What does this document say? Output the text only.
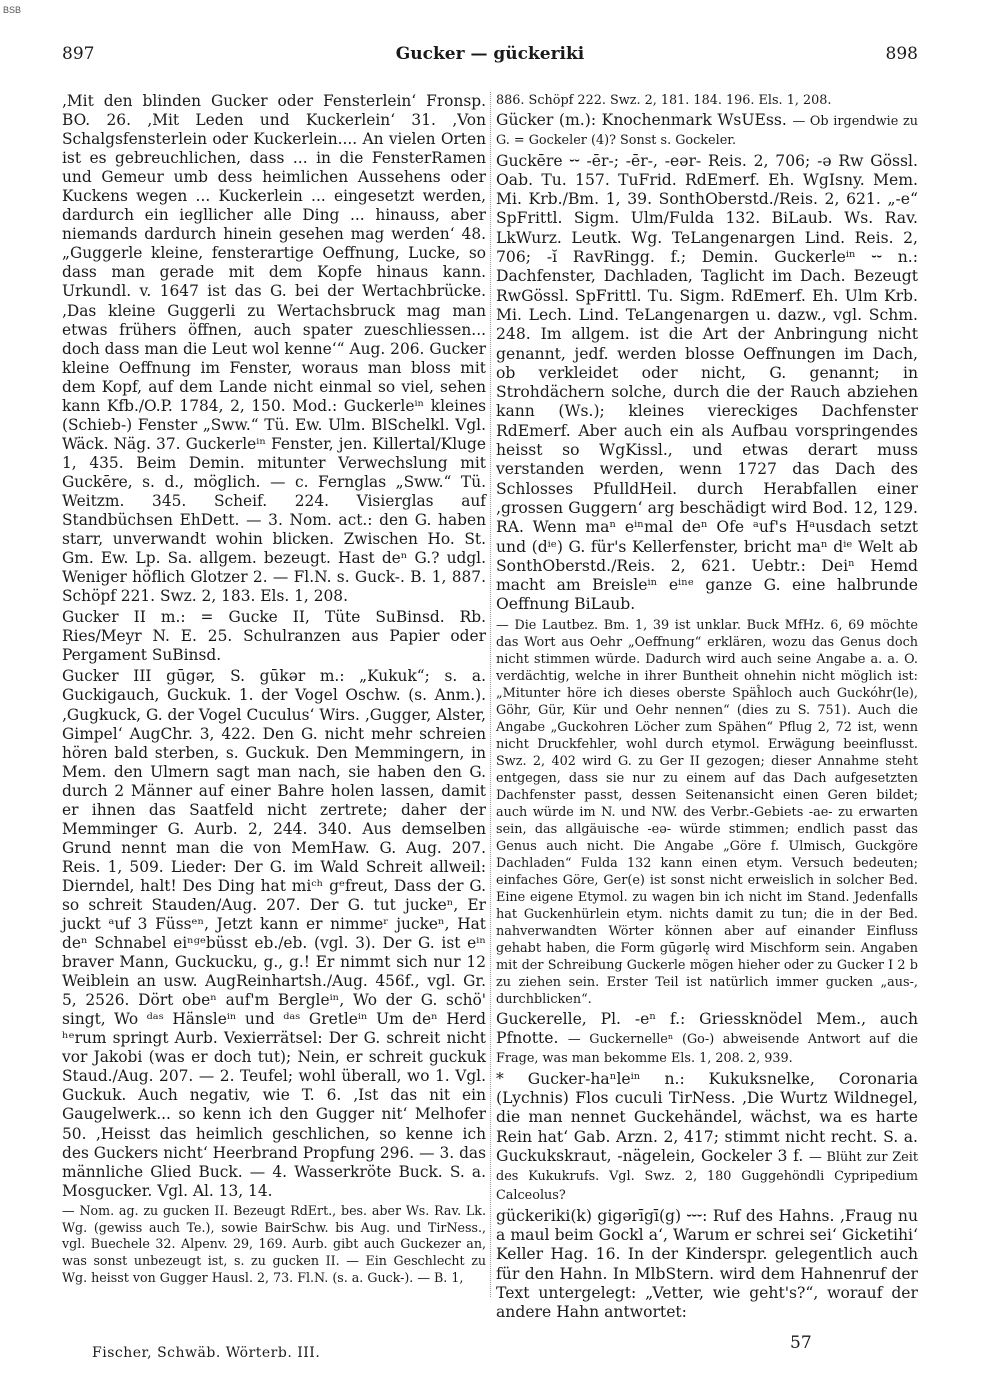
BSB
897	Gucker — gückeriki	898

‚Mit den blinden Gucker oder Fensterlein‘ Fronsp. BO. 26. ‚Mit Leden und Kuckerlein‘ 31. ‚Von Schalgsfensterlein oder Kuckerlein.... An vielen Orten ist es gebreuchlichen, dass ... in die FensterRamen und Gemeur umb dess heimlichen Aussehens oder Kuckens wegen ... Kuckerlein ... eingesetzt werden, dardurch ein iegllicher alle Ding ... hinauss, aber niemands dardurch hinein gesehen mag werden‘ 48. „Guggerle kleine, fensterartige Oeffnung, Lucke, so dass man gerade mit dem Kopfe hinaus kann. Urkundl. v. 1647 ist das G. bei der Wertachbrücke. ‚Das kleine Guggerli zu Wertachsbruck mag man etwas frühers öffnen, auch spater zueschliessen... doch dass man die Leut wol kenne‘“ Aug. 206. Gucker kleine Oeffnung im Fenster, woraus man bloss mit dem Kopf, auf dem Lande nicht einmal so viel, sehen kann Kfb./O.P. 1784, 2, 150. Mod.: Guckerleⁱⁿ kleines (Schieb-) Fenster „Sww.“ Tü. Ew. Ulm. BlSchelkl. Vgl. Wäck. Näg. 37. Guckerleⁱⁿ Fenster, jen. Killertal/Kluge 1, 435. Beim Demin. mitunter Verwechslung mit Guckēre, s. d., möglich. — c. Fernglas „Sww.“ Tü. Weitzm. 345. Scheif. 224. Visierglas auf Standbüchsen EhDett. — 3. Nom. act.: den G. haben starr, unverwandt wohin blicken. Zwischen Ho. St. Gm. Ew. Lp. Sa. allgem. bezeugt. Hast deⁿ G.? udgl. Weniger höflich Glotzer 2. — Fl.N. s. Guck-. B. 1, 887. Schöpf 221. Swz. 2, 183. Els. 1, 208.

Gucker II m.: = Gucke II, Tüte SuBinsd. Rb. Ries/Meyr N. E. 25. Schulranzen aus Papier oder Pergament SuBinsd.

Gucker III gūgər, S. gūkər m.: „Kukuk“; s. a. Guckigauch, Guckuk. 1. der Vogel Oschw. (s. Anm.). ‚Gugkuck, G. der Vogel Cuculus‘ Wirs. ‚Gugger, Alster, Gimpel‘ AugChr. 3, 422. Den G. nicht mehr schreien hören bald sterben, s. Guckuk. Den Memmingern, in Mem. den Ulmern sagt man nach, sie haben den G. durch 2 Männer auf einer Bahre holen lassen, damit er ihnen das Saatfeld nicht zertrete; daher der Memminger G. Aurb. 2, 244. 340. Aus demselben Grund nennt man die von MemHaw. G. Aug. 207. Reis. 1, 509. Lieder: Der G. im Wald Schreit allweil: Dierndel, halt! Des Ding hat miᶜʰ gᵉfreut, Dass der G. so schreit Stauden/Aug. 207. Der G. tut juckeⁿ, Er juckt ᵃuf 3 Füssᵉⁿ, Jetzt kann er nimmeʳ juckeⁿ, Hat deⁿ Schnabel eiⁿᵍᵉbüsst eb./eb. (vgl. 3). Der G. ist eⁱⁿ braver Mann, Guckucku, g., g.! Er nimmt sich nur 12 Weiblein an usw. AugReinhartsh./Aug. 456f., vgl. Gr. 5, 2526. Dört obeⁿ auf'm Bergleⁱⁿ, Wo der G. schö' singt, Wo ᵈᵃˢ Hänsleⁱⁿ und ᵈᵃˢ Gretleⁱⁿ Um deⁿ Herd ʰᵉrum springt Aurb. Vexierrätsel: Der G. schreit nicht vor Jakobi (was er doch tut); Nein, er schreit guckuk Staud./Aug. 207. — 2. Teufel; wohl überall, wo 1. Vgl. Guckuk. Auch negativ, wie T. 6. ‚Ist das nit ein Gaugelwerk... so kenn ich den Gugger nit‘ Melhofer 50. ‚Heisst das heimlich geschlichen, so kenne ich des Guckers nicht‘ Heerbrand Propfung 296. — 3. das männliche Glied Buck. — 4. Wasserkröte Buck. S. a. Mosgucker. Vgl. Al. 13, 14.

— Nom. ag. zu gucken II. Bezeugt RdErt., bes. aber Ws. Rav. Lk. Wg. (gewiss auch Te.), sowie BairSchw. bis Aug. und TirNess., vgl. Buechele 32. Alpenv. 29, 169. Aurb. gibt auch Guckezer an, was sonst unbezeugt ist, s. zu gucken II. — Ein Geschlecht zu Wg. heisst von Gugger Hausl. 2, 73. Fl.N. (s. a. Guck-). — B. 1,

886. Schöpf 222. Swz. 2, 181. 184. 196. Els. 1, 208.

Gücker (m.): Knochenmark WsUEss. — Ob irgendwie zu G. = Gockeler (4)? Sonst s. Gockeler.

Guckēre ⏑⏑ -ēr-; -ēr-, -eər- Reis. 2, 706; -ə Rw Gössl. Oab. Tu. 157. TuFrid. RdEmerf. Eh. WgIsny. Mem. Mi. Krb./Bm. 1, 39. SonthOberstd./Reis. 2, 621. „-e“ SpFrittl. Sigm. Ulm/Fulda 132. BiLaub. Ws. Rav. LkWurz. Leutk. Wg. TeLangenargen Lind. Reis. 2, 706; -ĭ RavRingg. f.; Demin. Guckerleⁱⁿ ⏑⏑ n.: Dachfenster, Dachladen, Taglicht im Dach. Bezeugt RwGössl. SpFrittl. Tu. Sigm. RdEmerf. Eh. Ulm Krb. Mi. Lech. Lind. TeLangenargen u. dazw., vgl. Schm. 248. Im allgem. ist die Art der Anbringung nicht genannt, jedf. werden blosse Oeffnungen im Dach, ob verkleidet oder nicht, G. genannt; in Strohdächern solche, durch die der Rauch abziehen kann (Ws.); kleines viereckiges Dachfenster RdEmerf. Aber auch ein als Aufbau vorspringendes heisst so WgKissl., und etwas derart muss verstanden werden, wenn 1727 das Dach des Schlosses PfulldHeil. durch Herabfallen einer ‚grossen Guggern‘ arg beschädigt wird Bod. 12, 129. RA. Wenn maⁿ eⁱⁿmal deⁿ Ofe ᵃuf's Hᵃusdach setzt und (dⁱᵉ) G. für's Kellerfenster, bricht maⁿ dⁱᵉ Welt ab SonthOberstd./Reis. 2, 621. Uebtr.: Deiⁿ Hemd macht am Breisleⁱⁿ eⁱⁿᵉ ganze G. eine halbrunde Oeffnung BiLaub.

— Die Lautbez. Bm. 1, 39 ist unklar. Buck MfHz. 6, 69 möchte das Wort aus Oehr „Oeffnung“ erklären, wozu das Genus doch nicht stimmen würde. Dadurch wird auch seine Angabe a. a. O. verdächtig, welche in ihrer Buntheit ohnehin nicht möglich ist: „Mitunter höre ich dieses oberste Späĥloch auch Guckóhr(le), Göhr, Gür, Kür und Oehr nennen“ (dies zu S. 751). Auch die Angabe „Guckohren Löcher zum Spähen“ Pflug 2, 72 ist, wenn nicht Druckfehler, wohl durch etymol. Erwägung beeinflusst. Swz. 2, 402 wird G. zu Ger II gezogen; dieser Annahme steht entgegen, dass sie nur zu einem auf das Dach aufgesetzten Dachfenster passt, dessen Seitenansicht einen Geren bildet; auch würde im N. und NW. des Verbr.-Gebiets -ae- zu erwarten sein, das allgäuische -eə- würde stimmen; endlich passt das Genus auch nicht. Die Angabe „Göre f. Ulmisch, Guckgöre Dachladen“ Fulda 132 kann einen etym. Versuch bedeuten; einfaches Göre, Ger(e) ist sonst nicht erweislich in solcher Bed. Eine eigene Etymol. zu wagen bin ich nicht im Stand. Jedenfalls hat Guckenhürlein etym. nichts damit zu tun; die in der Bed. nahverwandten Wörter können aber auf einander Einfluss gehabt haben, die Form gūgərlę wird Mischform sein. Angaben mit der Schreibung Guckerle mögen hieher oder zu Gucker I 2 b zu ziehen sein. Erster Teil ist natürlich immer gucken „aus-, durchblicken“.

Guckerelle, Pl. -eⁿ f.: Griessknödel Mem., auch Pfnotte. — Guckernelleⁿ (Go-) abweisende Antwort auf die Frage, was man bekomme Els. 1, 208. 2, 939.

* Gucker-haⁿleⁱⁿ n.: Kukuksnelke, Coronaria (Lychnis) Flos cuculi TirNess. ‚Die Wurtz Wildnegel, die man nennet Guckehändel, wächst, wa es harte Rein hat‘ Gab. Arzn. 2, 417; stimmt nicht recht. S. a. Guckukskraut, -nägelein, Gockeler 3 f. — Blüht zur Zeit des Kukukrufs. Vgl. Swz. 2, 180 Guggehöndli Cypripedium Calceolus?

gückeriki(k) gigərīgī(g) ⏑⏑⏑: Ruf des Hahns. ‚Fraug nu a maul beim Gockl a‘, Warum er schrei sei‘ Gicketihi‘ Keller Hag. 16. In der Kinderspr. gelegentlich auch für den Hahn. In MlbStern. wird dem Hahnenruf der Text untergelegt: „Vetter, wie geht's?“, worauf der andere Hahn antwortet:

Fischer, Schwäb. Wörterb. III.	57
